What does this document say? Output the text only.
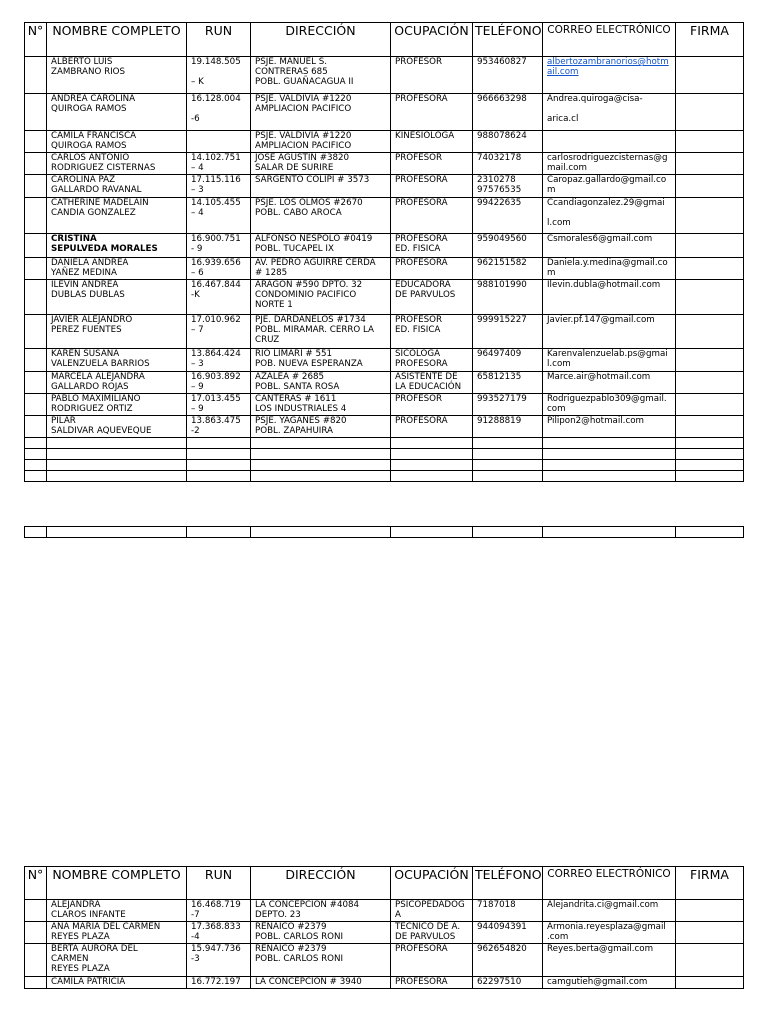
N°	NOMBRE COMPLETO	RUN	DIRECCIÓN	OCUPACIÓN	TELÉFONO	CORREO ELECTRÓNICO	FIRMA
	ALBERTO LUIS
ZAMBRANO RIOS	19.148.505

– K	PSJE. MANUEL S.
CONTRERAS 685
POBL. GUAÑACAGUA II	PROFESOR	953460827	albertozambranorios@hotmail.com	
	ANDREA CAROLINA
QUIROGA RAMOS	16.128.004

-6	PSJE. VALDIVIA #1220
AMPLIACION PACIFICO	PROFESORA	966663298	Andrea.quiroga@cisa-

arica.cl	
	CAMILA FRANCISCA
QUIROGA RAMOS		PSJE. VALDIVIA #1220
AMPLIACION PACIFICO	KINESIÓLOGA	988078624		
	CARLOS ANTONIO
RODRIGUEZ CISTERNAS	14.102.751
– 4	JOSE AGUSTIN #3820
SALAR DE SURIRE	PROFESOR	74032178	carlosrodriguezcisternas@gmail.com	
	CAROLINA PAZ
GALLARDO RAVANAL	17.115.116
– 3	SARGENTO COLIPI # 3573	PROFESORA	2310278
97576535	Caropaz.gallardo@gmail.com	
	CATHERINE MADELAIN
CANDIA GONZALEZ	14.105.455
– 4	PSJE. LOS OLMOS #2670
POBL. CABO AROCA	PROFESORA	99422635	Ccandiagonzalez.29@gmai

l.com	
	CRISTINA
SEPULVEDA MORALES	16.900.751
- 9	ALFONSO NESPOLO #0419
POBL. TUCAPEL IX	PROFESORA
ED. FISICA	959049560	Csmorales6@gmail.com	
	DANIELA ANDREA
YAÑEZ MEDINA	16.939.656
– 6	AV. PEDRO AGUIRRE CERDA
# 1285	PROFESORA	962151582	Daniela.y.medina@gmail.com	
	ILEVIN ANDREA
DUBLAS DUBLAS	16.467.844
-K	ARAGÓN #590 DPTO. 32
CONDOMINIO PACIFICO
NORTE 1	EDUCADORA
DE PARVULOS	988101990	Ilevin.dubla@hotmail.com	
	JAVIER ALEJANDRO
PEREZ FUENTES	17.010.962
– 7	PJE. DARDANELOS #1734
POBL. MIRAMAR. CERRO LA
CRUZ	PROFESOR
ED. FISICA	999915227	Javier.pf.147@gmail.com	
	KAREN SUSANA
VALENZUELA BARRIOS	13.864.424
– 3	RIO LIMARI # 551
POB. NUEVA ESPERANZA	SICOLOGA
PROFESORA	96497409	Karenvalenzuelab.ps@gmail.com	
	MARCELA ALEJANDRA
GALLARDO ROJAS	16.903.892
– 9	AZALEA # 2685
POBL. SANTA ROSA	ASISTENTE DE
LA EDUCACIÓN	65812135	Marce.air@hotmail.com	
	PABLO MAXIMILIANO
RODRIGUEZ ORTIZ	17.013.455
– 9	CANTERAS # 1611
LOS INDUSTRIALES 4	PROFESOR	993527179	Rodriguezpablo309@gmail.com	
	PILAR
SALDIVAR AQUEVEQUE	13.863.475
-2	PSJE. YAGANES #820
POBL. ZAPAHUIRA	PROFESORA	91288819	Pilipon2@hotmail.com	

N°	NOMBRE COMPLETO	RUN	DIRECCIÓN	OCUPACIÓN	TELÉFONO	CORREO ELECTRÓNICO	FIRMA
	ALEJANDRA
CLAROS INFANTE	16.468.719
-7	LA CONCEPCIÓN #4084
DEPTO. 23	PSICOPEDADOG
A	7187018	Alejandrita.ci@gmail.com	
	ANA MARIA DEL CARMEN
REYES PLAZA	17.368.833
-4	RENAICO #2379
POBL. CARLOS RONI	TECNICO DE A.
DE PARVULOS	944094391	Armonia.reyesplaza@gmail
.com	
	BERTA AURORA DEL
CARMEN
REYES PLAZA	15.947.736
-3	RENAICO #2379
POBL. CARLOS RONI	PROFESORA	962654820	Reyes.berta@gmail.com	
	CAMILA PATRICIA	16.772.197	LA CONCEPCIÓN # 3940	PROFESORA	62297510	camgutieh@gmail.com	
